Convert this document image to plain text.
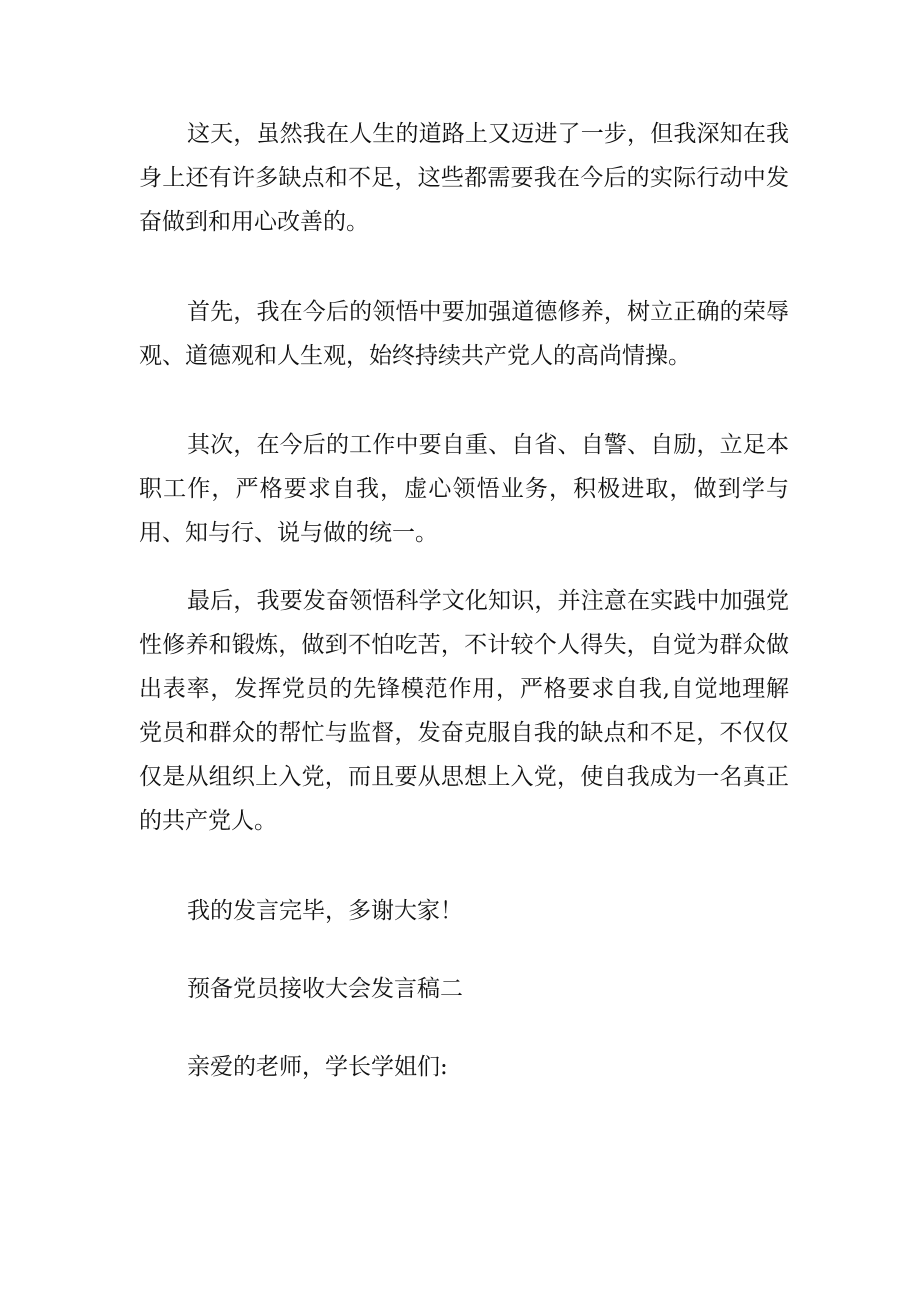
这天，虽然我在人生的道路上又迈进了一步，但我深知在我身上还有许多缺点和不足，这些都需要我在今后的实际行动中发奋做到和用心改善的。

首先，我在今后的领悟中要加强道德修养，树立正确的荣辱观、道德观和人生观，始终持续共产党人的高尚情操。

其次，在今后的工作中要自重、自省、自警、自励，立足本职工作，严格要求自我，虚心领悟业务，积极进取，做到学与用、知与行、说与做的统一。

最后，我要发奋领悟科学文化知识，并注意在实践中加强党性修养和锻炼，做到不怕吃苦，不计较个人得失，自觉为群众做出表率，发挥党员的先锋模范作用，严格要求自我,自觉地理解党员和群众的帮忙与监督，发奋克服自我的缺点和不足，不仅仅仅是从组织上入党，而且要从思想上入党，使自我成为一名真正的共产党人。

我的发言完毕，多谢大家！

预备党员接收大会发言稿二

亲爱的老师，学长学姐们:
